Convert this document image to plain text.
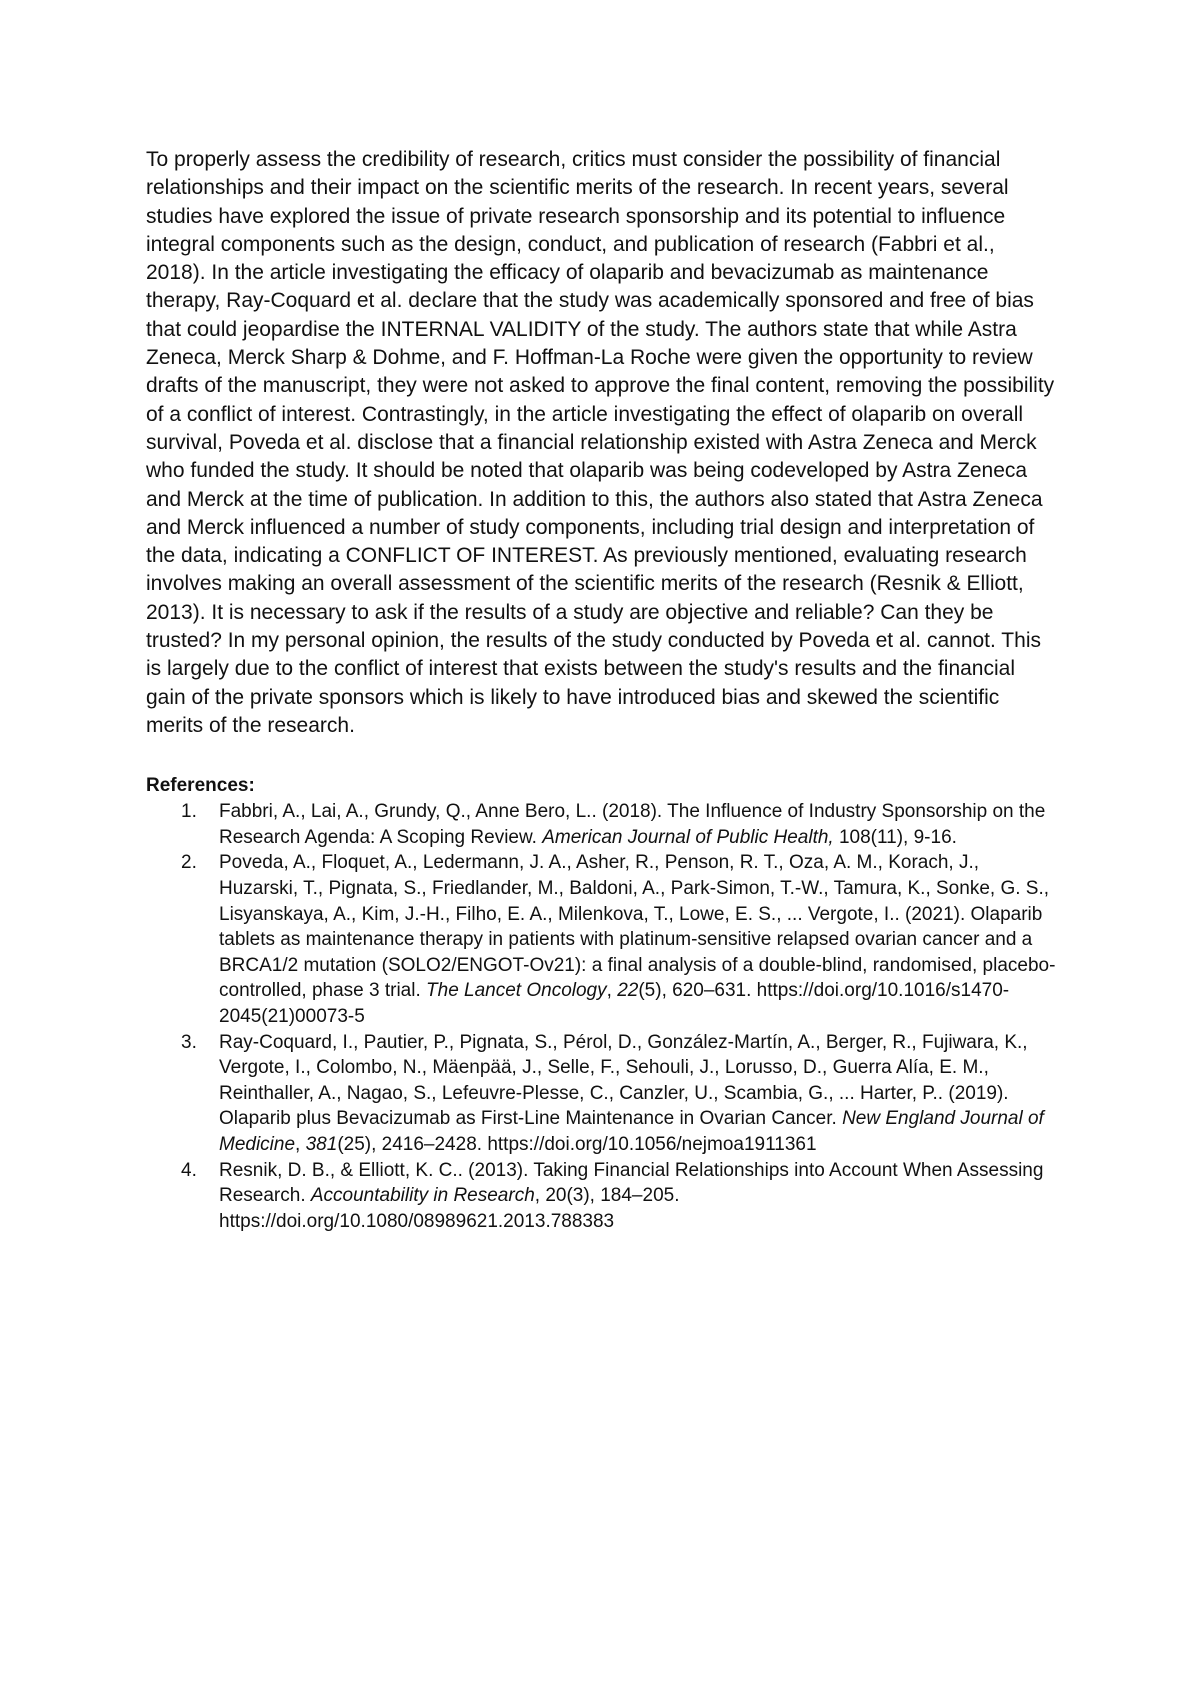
To properly assess the credibility of research, critics must consider the possibility of financial relationships and their impact on the scientific merits of the research. In recent years, several studies have explored the issue of private research sponsorship and its potential to influence integral components such as the design, conduct, and publication of research (Fabbri et al., 2018). In the article investigating the efficacy of olaparib and bevacizumab as maintenance therapy, Ray-Coquard et al. declare that the study was academically sponsored and free of bias that could jeopardise the INTERNAL VALIDITY of the study. The authors state that while Astra Zeneca, Merck Sharp & Dohme, and F. Hoffman-La Roche were given the opportunity to review drafts of the manuscript, they were not asked to approve the final content, removing the possibility of a conflict of interest. Contrastingly, in the article investigating the effect of olaparib on overall survival, Poveda et al. disclose that a financial relationship existed with Astra Zeneca and Merck who funded the study. It should be noted that olaparib was being codeveloped by Astra Zeneca and Merck at the time of publication. In addition to this, the authors also stated that Astra Zeneca and Merck influenced a number of study components, including trial design and interpretation of the data, indicating a CONFLICT OF INTEREST. As previously mentioned, evaluating research involves making an overall assessment of the scientific merits of the research (Resnik & Elliott, 2013). It is necessary to ask if the results of a study are objective and reliable? Can they be trusted? In my personal opinion, the results of the study conducted by Poveda et al. cannot. This is largely due to the conflict of interest that exists between the study's results and the financial gain of the private sponsors which is likely to have introduced bias and skewed the scientific merits of the research.

References:
1. Fabbri, A., Lai, A., Grundy, Q., Anne Bero, L.. (2018). The Influence of Industry Sponsorship on the Research Agenda: A Scoping Review. American Journal of Public Health, 108(11), 9-16.
2. Poveda, A., Floquet, A., Ledermann, J. A., Asher, R., Penson, R. T., Oza, A. M., Korach, J., Huzarski, T., Pignata, S., Friedlander, M., Baldoni, A., Park-Simon, T.-W., Tamura, K., Sonke, G. S., Lisyanskaya, A., Kim, J.-H., Filho, E. A., Milenkova, T., Lowe, E. S., ... Vergote, I.. (2021). Olaparib tablets as maintenance therapy in patients with platinum-sensitive relapsed ovarian cancer and a BRCA1/2 mutation (SOLO2/ENGOT-Ov21): a final analysis of a double-blind, randomised, placebo-controlled, phase 3 trial. The Lancet Oncology, 22(5), 620–631. https://doi.org/10.1016/s1470-2045(21)00073-5
3. Ray-Coquard, I., Pautier, P., Pignata, S., Pérol, D., González-Martín, A., Berger, R., Fujiwara, K., Vergote, I., Colombo, N., Mäenpää, J., Selle, F., Sehouli, J., Lorusso, D., Guerra Alía, E. M., Reinthaller, A., Nagao, S., Lefeuvre-Plesse, C., Canzler, U., Scambia, G., ... Harter, P.. (2019). Olaparib plus Bevacizumab as First-Line Maintenance in Ovarian Cancer. New England Journal of Medicine, 381(25), 2416–2428. https://doi.org/10.1056/nejmoa1911361
4. Resnik, D. B., & Elliott, K. C.. (2013). Taking Financial Relationships into Account When Assessing Research. Accountability in Research, 20(3), 184–205. https://doi.org/10.1080/08989621.2013.788383
